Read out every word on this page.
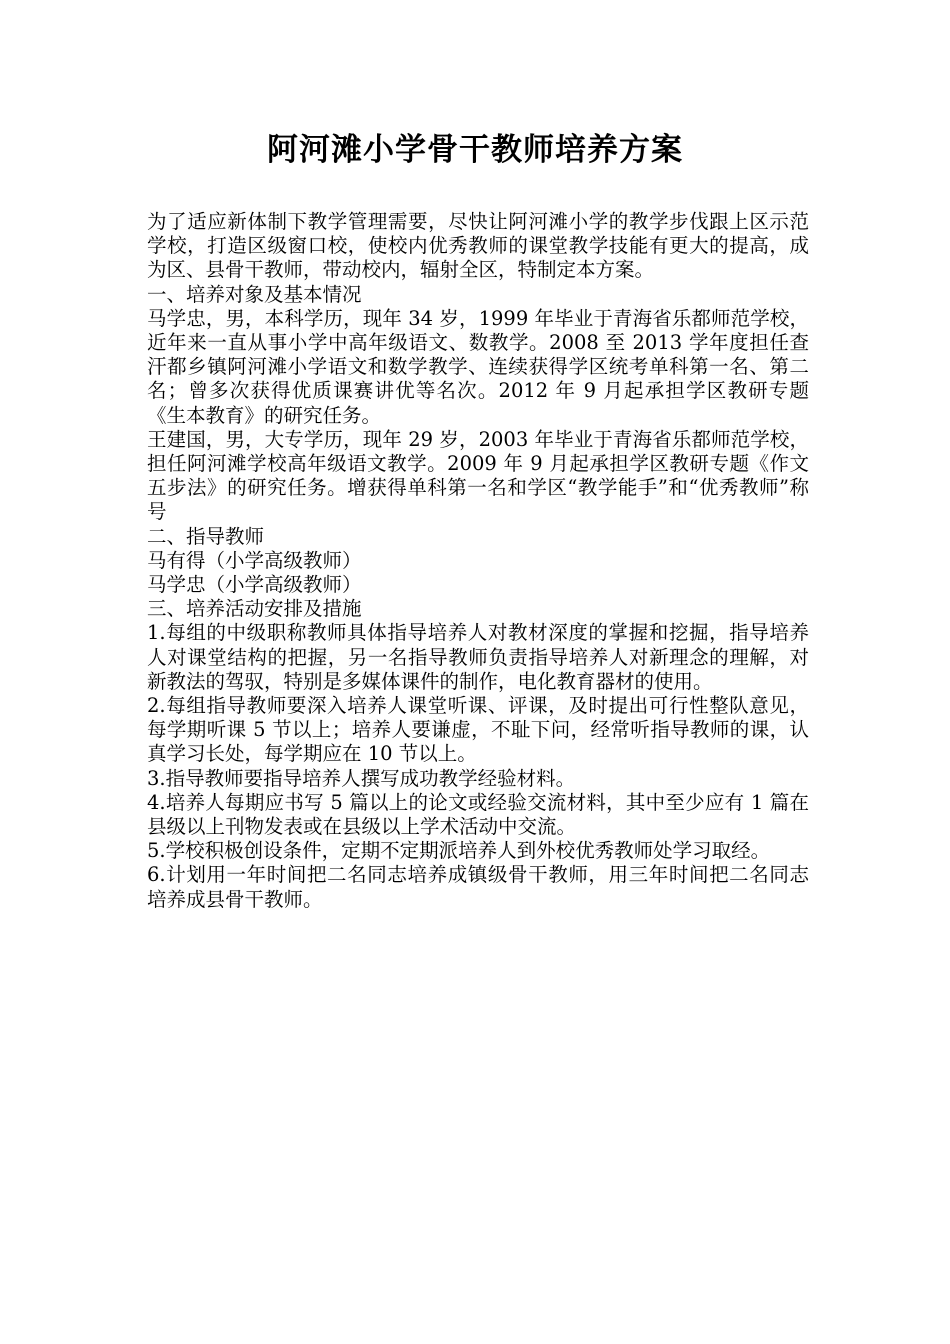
阿河滩小学骨干教师培养方案

为了适应新体制下教学管理需要，尽快让阿河滩小学的教学步伐跟上区示范学校，打造区级窗口校，使校内优秀教师的课堂教学技能有更大的提高，成为区、县骨干教师，带动校内，辐射全区，特制定本方案。

一、培养对象及基本情况

马学忠，男，本科学历，现年 34 岁，1999 年毕业于青海省乐都师范学校，近年来一直从事小学中高年级语文、数教学。2008 至 2013 学年度担任查汗都乡镇阿河滩小学语文和数学教学、连续获得学区统考单科第一名、第二名；曾多次获得优质课赛讲优等名次。2012 年 9 月起承担学区教研专题《生本教育》的研究任务。

王建国，男，大专学历，现年 29 岁，2003 年毕业于青海省乐都师范学校，担任阿河滩学校高年级语文教学。2009 年 9 月起承担学区教研专题《作文五步法》的研究任务。增获得单科第一名和学区“教学能手”和“优秀教师”称号

二、指导教师

马有得（小学高级教师）

马学忠（小学高级教师）

三、培养活动安排及措施

1.每组的中级职称教师具体指导培养人对教材深度的掌握和挖掘，指导培养人对课堂结构的把握，另一名指导教师负责指导培养人对新理念的理解，对新教法的驾驭，特别是多媒体课件的制作，电化教育器材的使用。

2.每组指导教师要深入培养人课堂听课、评课，及时提出可行性整队意见，每学期听课 5 节以上；培养人要谦虚，不耻下问，经常听指导教师的课，认真学习长处，每学期应在 10 节以上。

3.指导教师要指导培养人撰写成功教学经验材料。

4.培养人每期应书写 5 篇以上的论文或经验交流材料，其中至少应有 1 篇在县级以上刊物发表或在县级以上学术活动中交流。

5.学校积极创设条件，定期不定期派培养人到外校优秀教师处学习取经。

6.计划用一年时间把二名同志培养成镇级骨干教师，用三年时间把二名同志培养成县骨干教师。
